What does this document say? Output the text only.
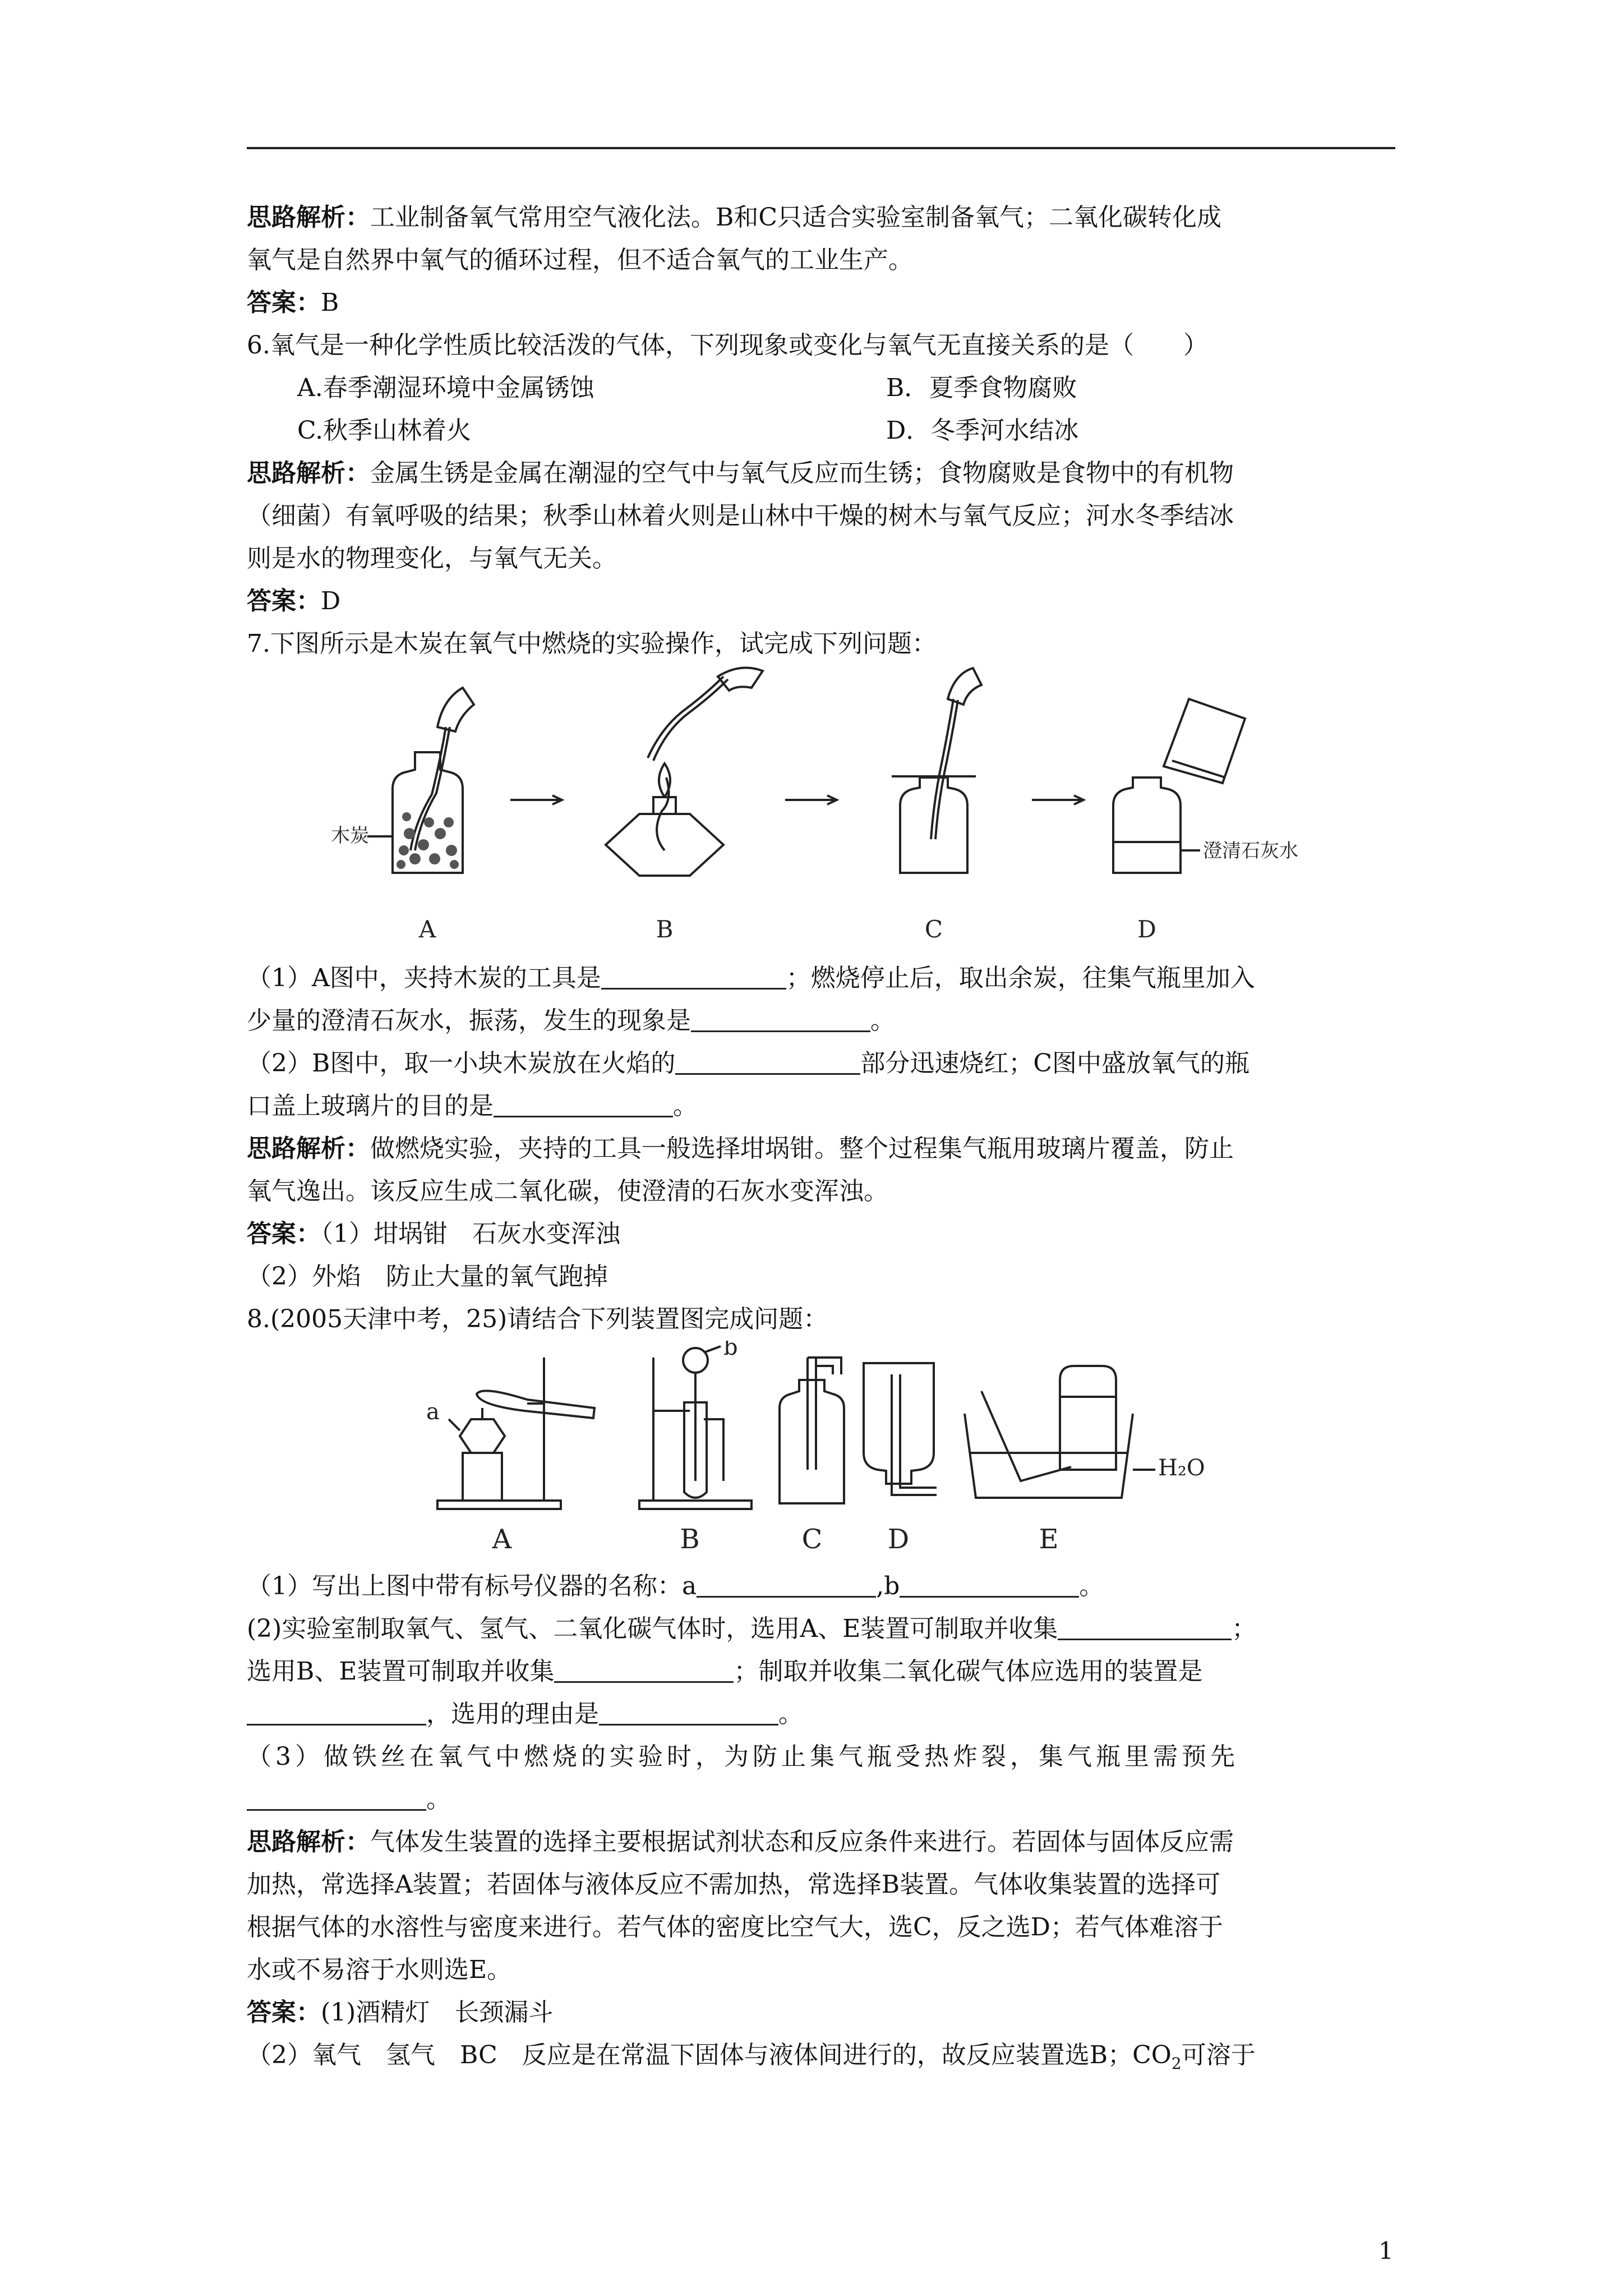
思路解析：工业制备氧气常用空气液化法。B和C只适合实验室制备氧气；二氧化碳转化成
氧气是自然界中氧气的循环过程，但不适合氧气的工业生产。
答案：B
6.氧气是一种化学性质比较活泼的气体，下列现象或变化与氧气无直接关系的是（　　）
A.春季潮湿环境中金属锈蚀	B．夏季食物腐败
C.秋季山林着火	D．冬季河水结冰
思路解析：金属生锈是金属在潮湿的空气中与氧气反应而生锈；食物腐败是食物中的有机物
（细菌）有氧呼吸的结果；秋季山林着火则是山林中干燥的树木与氧气反应；河水冬季结冰
则是水的物理变化，与氧气无关。
答案：D
7.下图所示是木炭在氧气中燃烧的实验操作，试完成下列问题：
木炭
澄清石灰水
A	B	C	D
（1）A图中，夹持木炭的工具是	；燃烧停止后，取出余炭，往集气瓶里加入
少量的澄清石灰水，振荡，发生的现象是	。
（2）B图中，取一小块木炭放在火焰的	部分迅速烧红；C图中盛放氧气的瓶
口盖上玻璃片的目的是	。
思路解析：做燃烧实验，夹持的工具一般选择坩埚钳。整个过程集气瓶用玻璃片覆盖，防止
氧气逸出。该反应生成二氧化碳，使澄清的石灰水变浑浊。
答案：（1）坩埚钳　石灰水变浑浊
（2）外焰　防止大量的氧气跑掉
8.(2005天津中考，25)请结合下列装置图完成问题：
a
b
H₂O
A	B	C D	E
（1）写出上图中带有标号仪器的名称：a	,b	。
(2)实验室制取氧气、氢气、二氧化碳气体时，选用A、E装置可制取并收集	；
选用B、E装置可制取并收集	；制取并收集二氧化碳气体应选用的装置是
，选用的理由是	。
（3）做铁丝在氧气中燃烧的实验时，为防止集气瓶受热炸裂，集气瓶里需预先
。
思路解析：气体发生装置的选择主要根据试剂状态和反应条件来进行。若固体与固体反应需
加热，常选择A装置；若固体与液体反应不需加热，常选择B装置。气体收集装置的选择可
根据气体的水溶性与密度来进行。若气体的密度比空气大，选C，反之选D；若气体难溶于
水或不易溶于水则选E。
答案：(1)酒精灯　长颈漏斗
（2）氧气　氢气　BC　反应是在常温下固体与液体间进行的，故反应装置选B；$CO_2$可溶于
1
